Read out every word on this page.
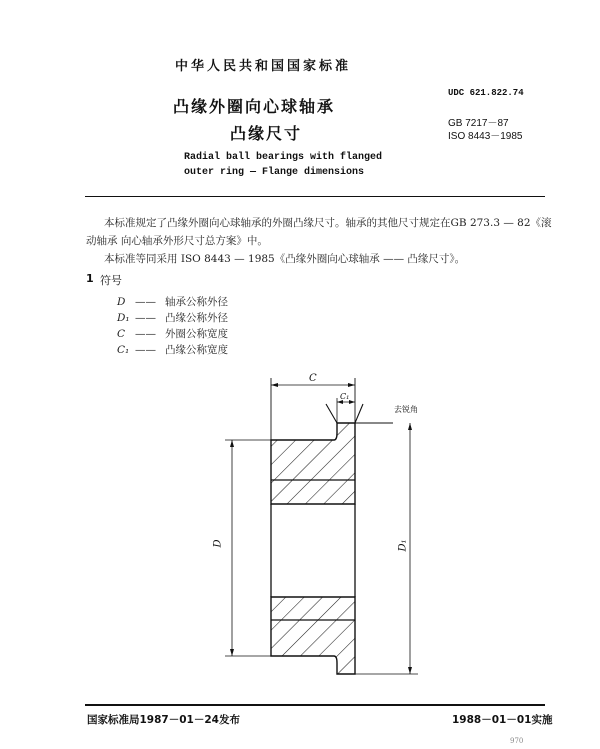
中华人民共和国国家标准
UDC 621.822.74
GB 7217－87
ISO 8443－1985
凸缘外圈向心球轴承
凸缘尺寸
Radial ball bearings with flanged
outer ring — Flange dimensions
本标准规定了凸缘外圈向心球轴承的外圈凸缘尺寸。轴承的其他尺寸规定在GB 273.3 — 82《滚
动轴承 向心轴承外形尺寸总方案》中。
本标准等同采用 ISO 8443 — 1985《凸缘外圈向心球轴承 —— 凸缘尺寸》。
1 符号
D —— 轴承公称外径
D₁ —— 凸缘公称外径
C —— 外圈公称宽度
C₁ —— 凸缘公称宽度
C
C₁
去锐角
D	D₁
国家标准局1987－01－24发布	1988－01－01实施
970
